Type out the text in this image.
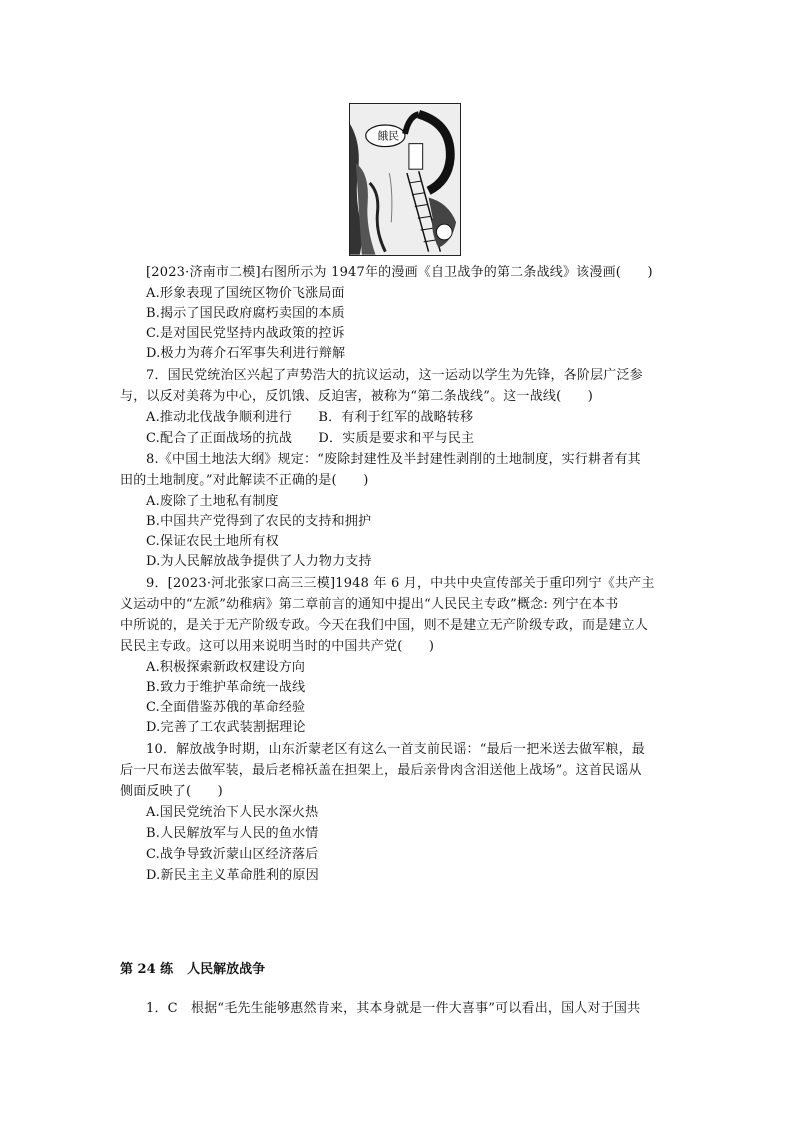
餓民
[2023·济南市二模]右图所示为 1947年的漫画《自卫战争的第二条战线》该漫画(　　)
A.形象表现了国统区物价飞涨局面
B.揭示了国民政府腐朽卖国的本质
C.是对国民党坚持内战政策的控诉
D.极力为蒋介石军事失利进行辩解
7．国民党统治区兴起了声势浩大的抗议运动，这一运动以学生为先锋，各阶层广泛参
与，以反对美蒋为中心，反饥饿、反迫害，被称为“第二条战线”。这一战线(　　)
A.推动北伐战争顺利进行　　B．有利于红军的战略转移
C.配合了正面战场的抗战　　D．实质是要求和平与民主
8.《中国土地法大纲》规定：“废除封建性及半封建性剥削的土地制度，实行耕者有其
田的土地制度。”对此解读不正确的是(　　)
A.废除了土地私有制度
B.中国共产党得到了农民的支持和拥护
C.保证农民土地所有权
D.为人民解放战争提供了人力物力支持
9．[2023·河北张家口高三三模]1948 年 6 月，中共中央宣传部关于重印列宁《共产主
义运动中的“左派”幼稚病》第二章前言的通知中提出“人民民主专政”概念: 列宁在本书
中所说的，是关于无产阶级专政。今天在我们中国，则不是建立无产阶级专政，而是建立人
民民主专政。这可以用来说明当时的中国共产党(　　)
A.积极探索新政权建设方向
B.致力于维护革命统一战线
C.全面借鉴苏俄的革命经验
D.完善了工农武装割据理论
10．解放战争时期，山东沂蒙老区有这么一首支前民谣：“最后一把米送去做军粮，最
后一尺布送去做军装，最后老棉袄盖在担架上，最后亲骨肉含泪送他上战场”。这首民谣从
侧面反映了(　　)
A.国民党统治下人民水深火热
B.人民解放军与人民的鱼水情
C.战争导致沂蒙山区经济落后
D.新民主主义革命胜利的原因
第 24 练 人民解放战争
1．C　根据“毛先生能够惠然肯来，其本身就是一件大喜事”可以看出，国人对于国共
